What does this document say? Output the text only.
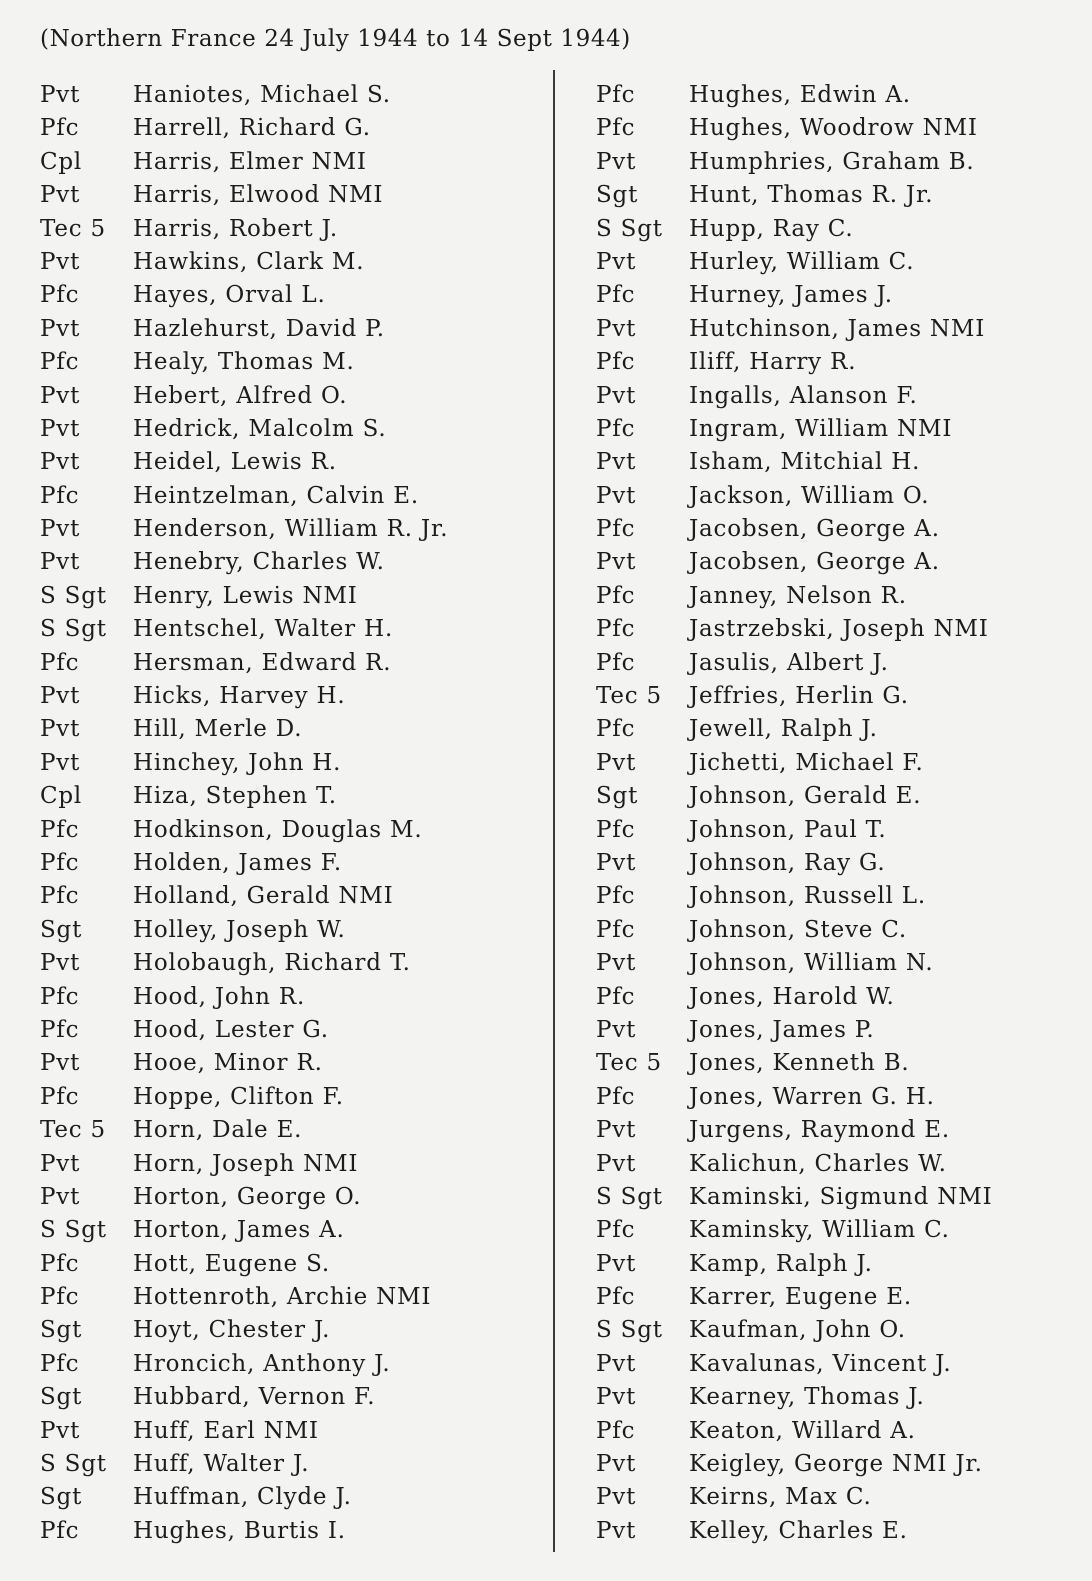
(Northern France 24 July 1944 to 14 Sept 1944)
Pvt Haniotes, Michael S.
Pfc Harrell, Richard G.
Cpl Harris, Elmer NMI
Pvt Harris, Elwood NMI
Tec 5 Harris, Robert J.
Pvt Hawkins, Clark M.
Pfc Hayes, Orval L.
Pvt Hazlehurst, David P.
Pfc Healy, Thomas M.
Pvt Hebert, Alfred O.
Pvt Hedrick, Malcolm S.
Pvt Heidel, Lewis R.
Pfc Heintzelman, Calvin E.
Pvt Henderson, William R. Jr.
Pvt Henebry, Charles W.
S Sgt Henry, Lewis NMI
S Sgt Hentschel, Walter H.
Pfc Hersman, Edward R.
Pvt Hicks, Harvey H.
Pvt Hill, Merle D.
Pvt Hinchey, John H.
Cpl Hiza, Stephen T.
Pfc Hodkinson, Douglas M.
Pfc Holden, James F.
Pfc Holland, Gerald NMI
Sgt Holley, Joseph W.
Pvt Holobaugh, Richard T.
Pfc Hood, John R.
Pfc Hood, Lester G.
Pvt Hooe, Minor R.
Pfc Hoppe, Clifton F.
Tec 5 Horn, Dale E.
Pvt Horn, Joseph NMI
Pvt Horton, George O.
S Sgt Horton, James A.
Pfc Hott, Eugene S.
Pfc Hottenroth, Archie NMI
Sgt Hoyt, Chester J.
Pfc Hroncich, Anthony J.
Sgt Hubbard, Vernon F.
Pvt Huff, Earl NMI
S Sgt Huff, Walter J.
Sgt Huffman, Clyde J.
Pfc Hughes, Burtis I.
Pfc Hughes, Edwin A.
Pfc Hughes, Woodrow NMI
Pvt Humphries, Graham B.
Sgt Hunt, Thomas R. Jr.
S Sgt Hupp, Ray C.
Pvt Hurley, William C.
Pfc Hurney, James J.
Pvt Hutchinson, James NMI
Pfc Iliff, Harry R.
Pvt Ingalls, Alanson F.
Pfc Ingram, William NMI
Pvt Isham, Mitchial H.
Pvt Jackson, William O.
Pfc Jacobsen, George A.
Pvt Jacobsen, George A.
Pfc Janney, Nelson R.
Pfc Jastrzebski, Joseph NMI
Pfc Jasulis, Albert J.
Tec 5 Jeffries, Herlin G.
Pfc Jewell, Ralph J.
Pvt Jichetti, Michael F.
Sgt Johnson, Gerald E.
Pfc Johnson, Paul T.
Pvt Johnson, Ray G.
Pfc Johnson, Russell L.
Pfc Johnson, Steve C.
Pvt Johnson, William N.
Pfc Jones, Harold W.
Pvt Jones, James P.
Tec 5 Jones, Kenneth B.
Pfc Jones, Warren G. H.
Pvt Jurgens, Raymond E.
Pvt Kalichun, Charles W.
S Sgt Kaminski, Sigmund NMI
Pfc Kaminsky, William C.
Pvt Kamp, Ralph J.
Pfc Karrer, Eugene E.
S Sgt Kaufman, John O.
Pvt Kavalunas, Vincent J.
Pvt Kearney, Thomas J.
Pfc Keaton, Willard A.
Pvt Keigley, George NMI Jr.
Pvt Keirns, Max C.
Pvt Kelley, Charles E.
